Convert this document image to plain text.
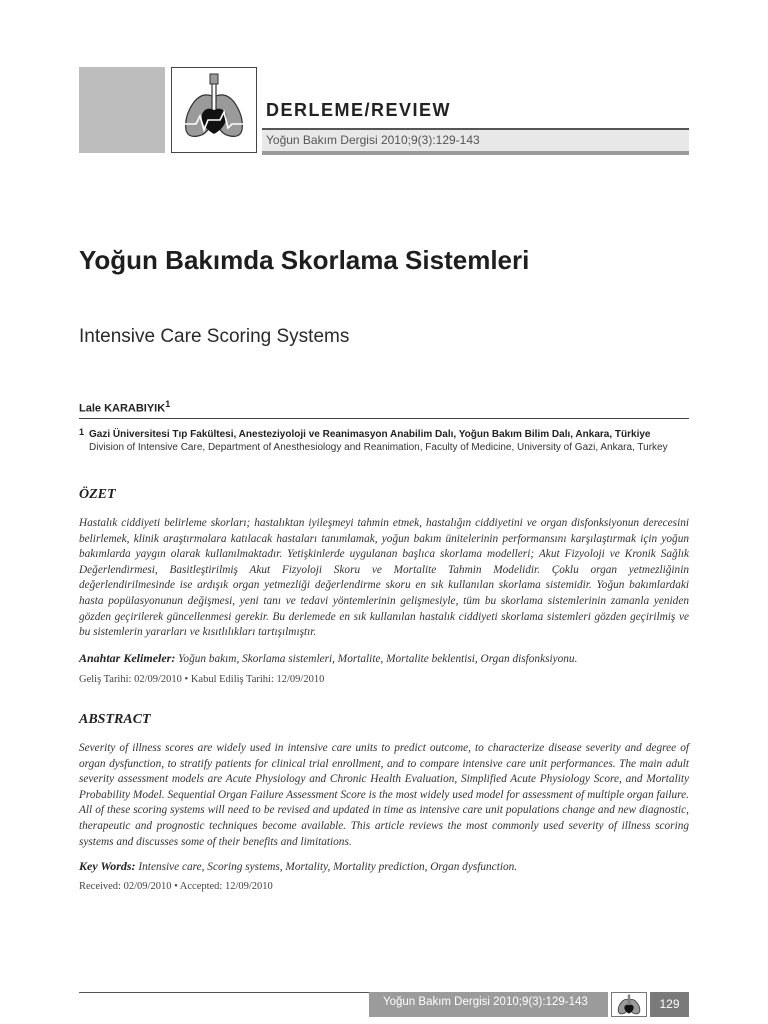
DERLEME/REVIEW
Yoğun Bakım Dergisi 2010;9(3):129-143
Yoğun Bakımda Skorlama Sistemleri
Intensive Care Scoring Systems
Lale KARABIYIK$^1$
1 Gazi Üniversitesi Tıp Fakültesi, Anesteziyoloji ve Reanimasyon Anabilim Dalı, Yoğun Bakım Bilim Dalı, Ankara, Türkiye
Division of Intensive Care, Department of Anesthesiology and Reanimation, Faculty of Medicine, University of Gazi, Ankara, Turkey
ÖZET
Hastalık ciddiyeti belirleme skorları; hastalıktan iyileşmeyi tahmin etmek, hastalığın ciddiyetini ve organ disfonksiyonun derecesini belirlemek, klinik araştırmalara katılacak hastaları tanımlamak, yoğun bakım ünitelerinin performansını karşılaştırmak için yoğun bakımlarda yaygın olarak kullanılmaktadır. Yetişkinlerde uygulanan başlıca skorlama modelleri; Akut Fizyoloji ve Kronik Sağlık Değerlendirmesi, Basitleştirilmiş Akut Fizyoloji Skoru ve Mortalite Tahmin Modelidir. Çoklu organ yetmezliğinin değerlendirilmesinde ise ardışık organ yetmezliği değerlendirme skoru en sık kullanılan skorlama sistemidir. Yoğun bakımlardaki hasta popülasyonunun değişmesi, yeni tanı ve tedavi yöntemlerinin gelişmesiyle, tüm bu skorlama sistemlerinin zamanla yeniden gözden geçirilerek güncellenmesi gerekir. Bu derlemede en sık kullanılan hastalık ciddiyeti skorlama sistemleri gözden geçirilmiş ve bu sistemlerin yararları ve kısıtlılıkları tartışılmıştır.
Anahtar Kelimeler: Yoğun bakım, Skorlama sistemleri, Mortalite, Mortalite beklentisi, Organ disfonksiyonu.
Geliş Tarihi: 02/09/2010 • Kabul Ediliş Tarihi: 12/09/2010
ABSTRACT
Severity of illness scores are widely used in intensive care units to predict outcome, to characterize disease severity and degree of organ dysfunction, to stratify patients for clinical trial enrollment, and to compare intensive care unit performances. The main adult severity assessment models are Acute Physiology and Chronic Health Evaluation, Simplified Acute Physiology Score, and Mortality Probability Model. Sequential Organ Failure Assessment Score is the most widely used model for assessment of multiple organ failure. All of these scoring systems will need to be revised and updated in time as intensive care unit populations change and new diagnostic, therapeutic and prognostic techniques become available. This article reviews the most commonly used severity of illness scoring systems and discusses some of their benefits and limitations.
Key Words: Intensive care, Scoring systems, Mortality, Mortality prediction, Organ dysfunction.
Received: 02/09/2010 • Accepted: 12/09/2010
Yoğun Bakım Dergisi 2010;9(3):129-143	129
